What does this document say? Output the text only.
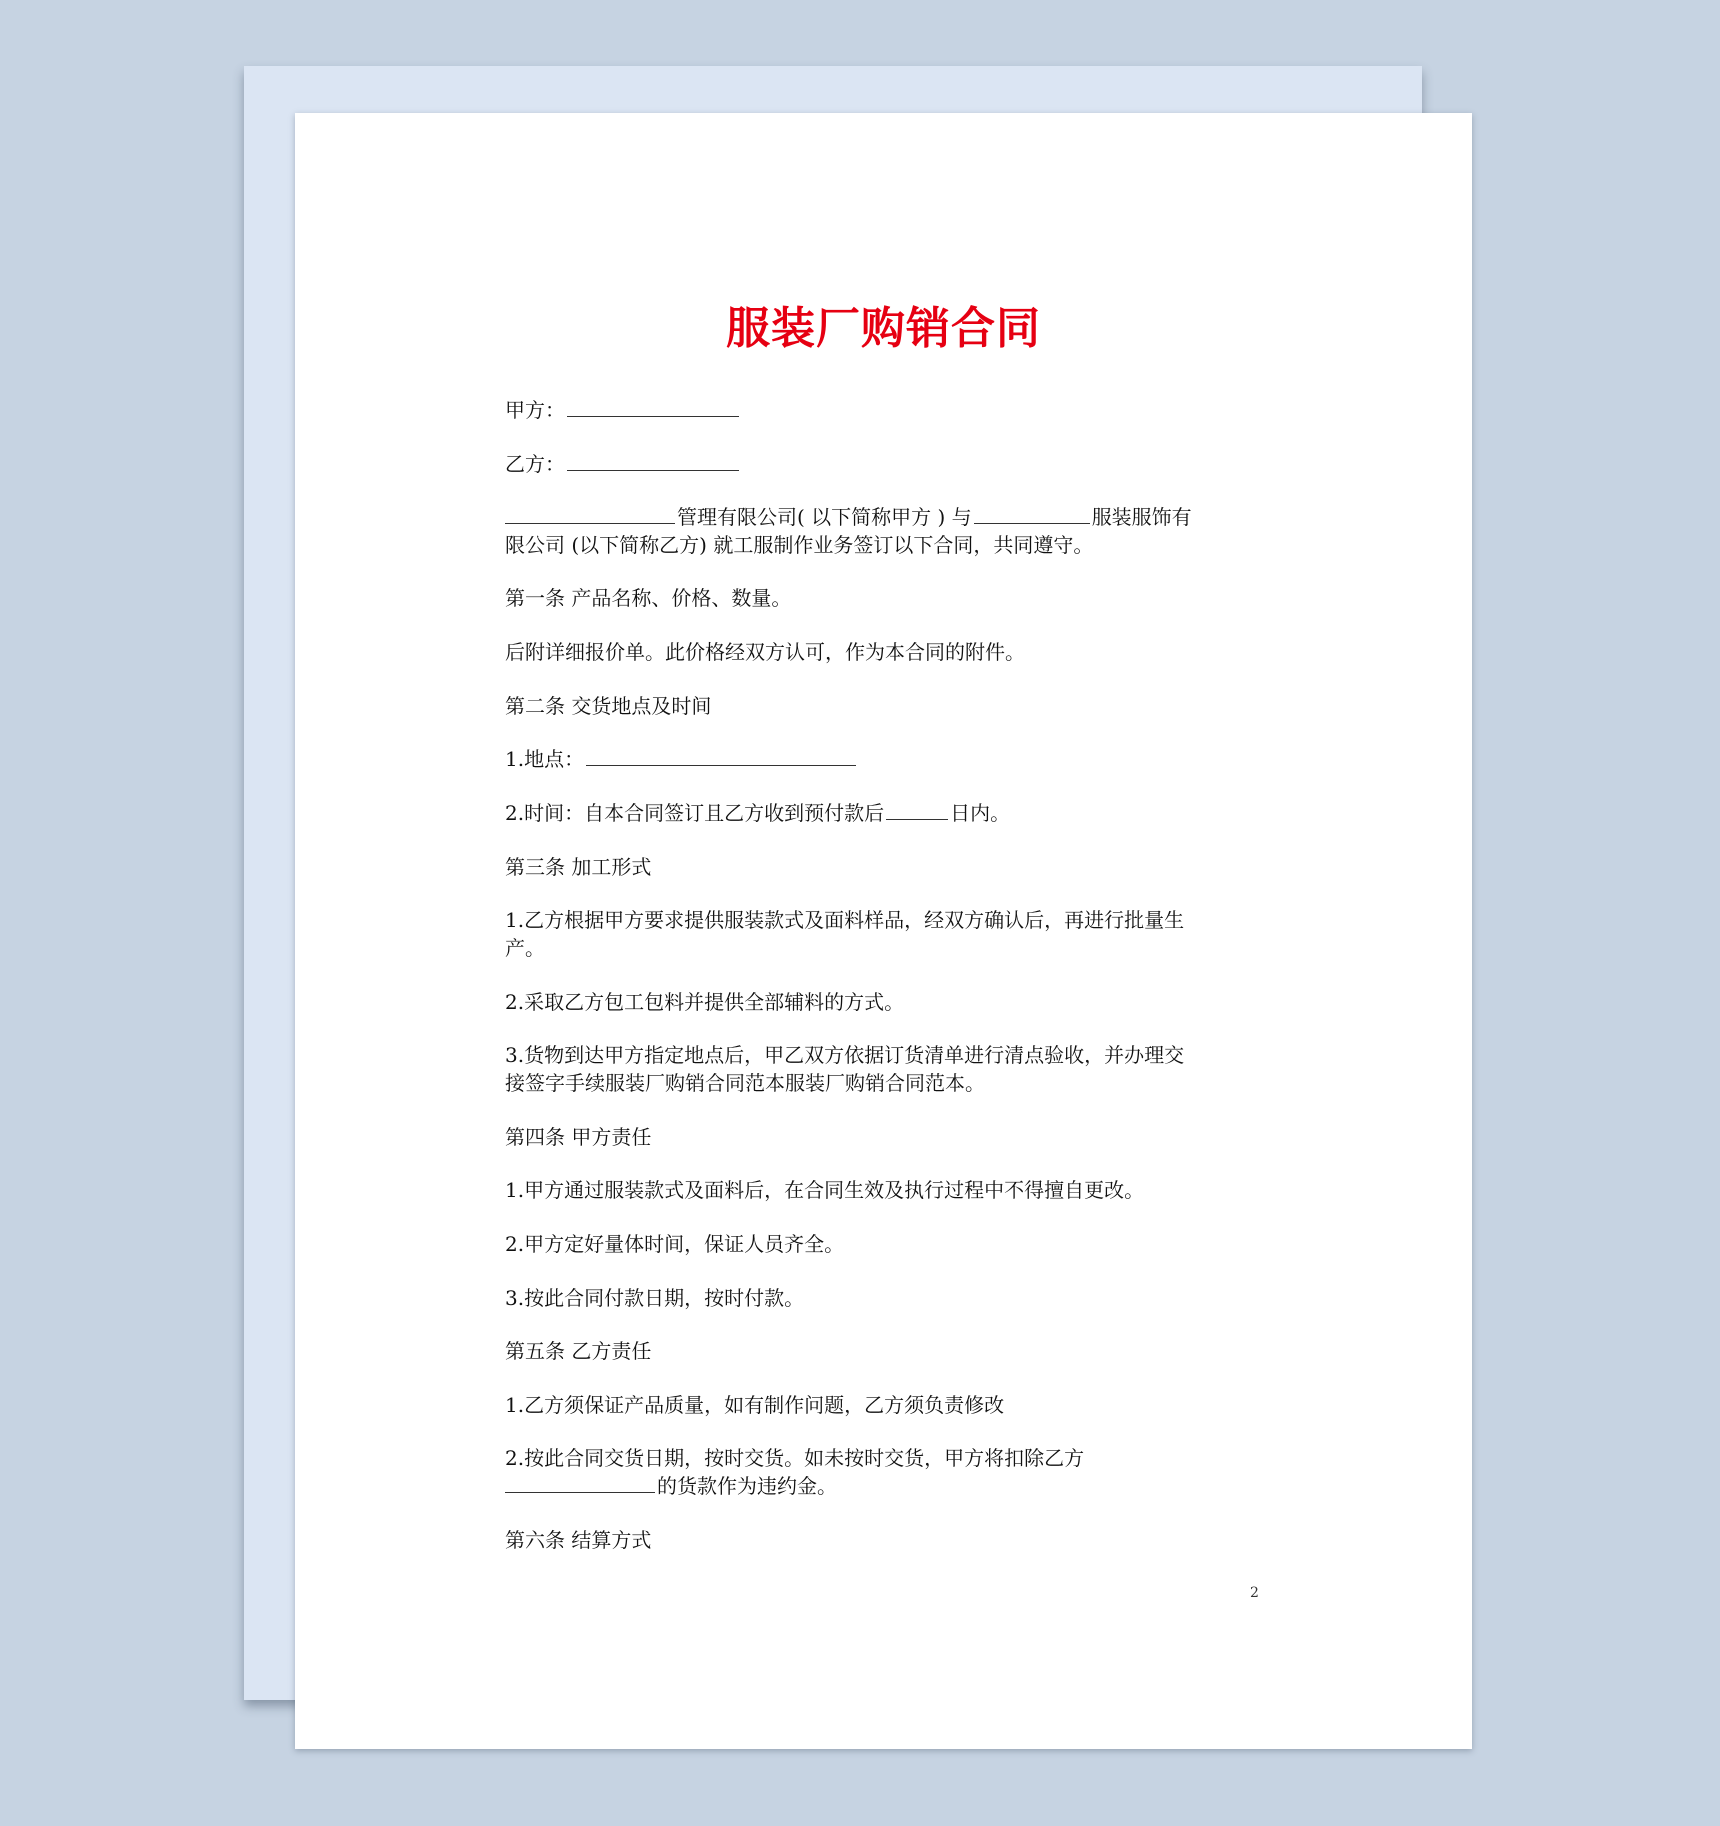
服装厂购销合同
甲方：
乙方：
管理有限公司( 以下简称甲方 ) 与	服装服饰有
限公司 (以下简称乙方) 就工服制作业务签订以下合同，共同遵守。
第一条 产品名称、价格、数量。
后附详细报价单。此价格经双方认可，作为本合同的附件。
第二条 交货地点及时间
1.地点：
2.时间：自本合同签订且乙方收到预付款后	日内。
第三条 加工形式
1.乙方根据甲方要求提供服装款式及面料样品，经双方确认后，再进行批量生
产。
2.采取乙方包工包料并提供全部辅料的方式。
3.货物到达甲方指定地点后，甲乙双方依据订货清单进行清点验收，并办理交
接签字手续服装厂购销合同范本服装厂购销合同范本。
第四条 甲方责任
1.甲方通过服装款式及面料后，在合同生效及执行过程中不得擅自更改。
2.甲方定好量体时间，保证人员齐全。
3.按此合同付款日期，按时付款。
第五条 乙方责任
1.乙方须保证产品质量，如有制作问题，乙方须负责修改
2.按此合同交货日期，按时交货。如未按时交货，甲方将扣除乙方
的货款作为违约金。
第六条 结算方式
2
